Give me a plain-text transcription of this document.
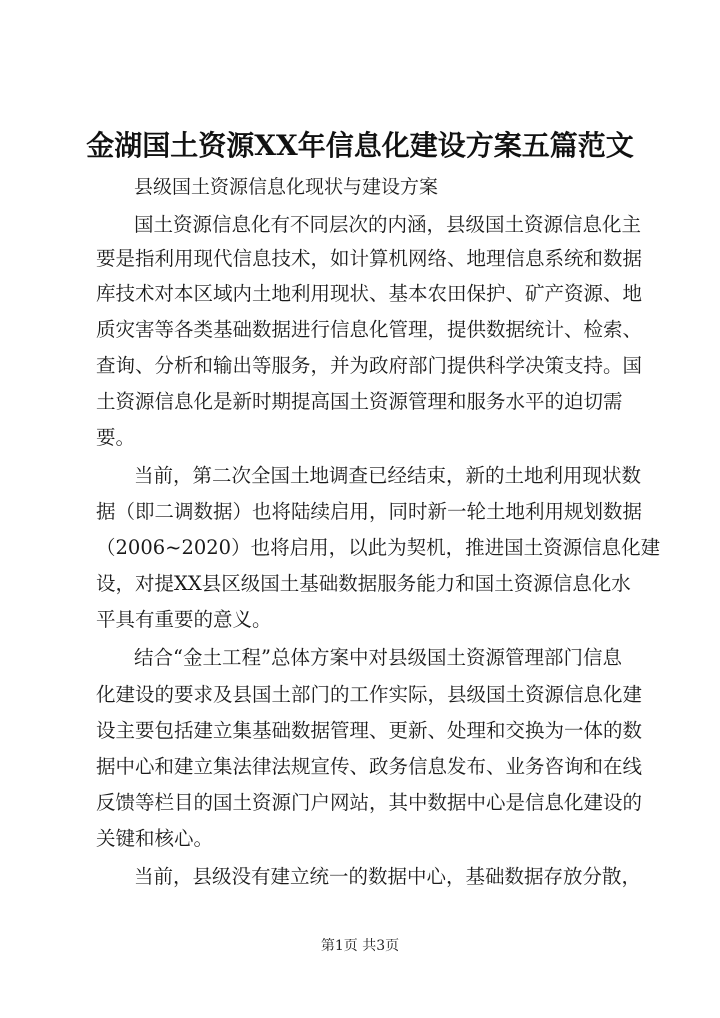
金湖国土资源XX年信息化建设方案五篇范文
县级国土资源信息化现状与建设方案
国土资源信息化有不同层次的内涵，县级国土资源信息化主
要是指利用现代信息技术，如计算机网络、地理信息系统和数据
库技术对本区域内土地利用现状、基本农田保护、矿产资源、地
质灾害等各类基础数据进行信息化管理，提供数据统计、检索、
查询、分析和输出等服务，并为政府部门提供科学决策支持。国
土资源信息化是新时期提高国土资源管理和服务水平的迫切需
要。
当前，第二次全国土地调查已经结束，新的土地利用现状数
据（即二调数据）也将陆续启用，同时新一轮土地利用规划数据
（2006~2020）也将启用，以此为契机，推进国土资源信息化建
设，对提XX县区级国土基础数据服务能力和国土资源信息化水
平具有重要的意义。
结合“金土工程”总体方案中对县级国土资源管理部门信息
化建设的要求及县国土部门的工作实际，县级国土资源信息化建
设主要包括建立集基础数据管理、更新、处理和交换为一体的数
据中心和建立集法律法规宣传、政务信息发布、业务咨询和在线
反馈等栏目的国土资源门户网站，其中数据中心是信息化建设的
关键和核心。
当前，县级没有建立统一的数据中心，基础数据存放分散，
第1页 共3页
